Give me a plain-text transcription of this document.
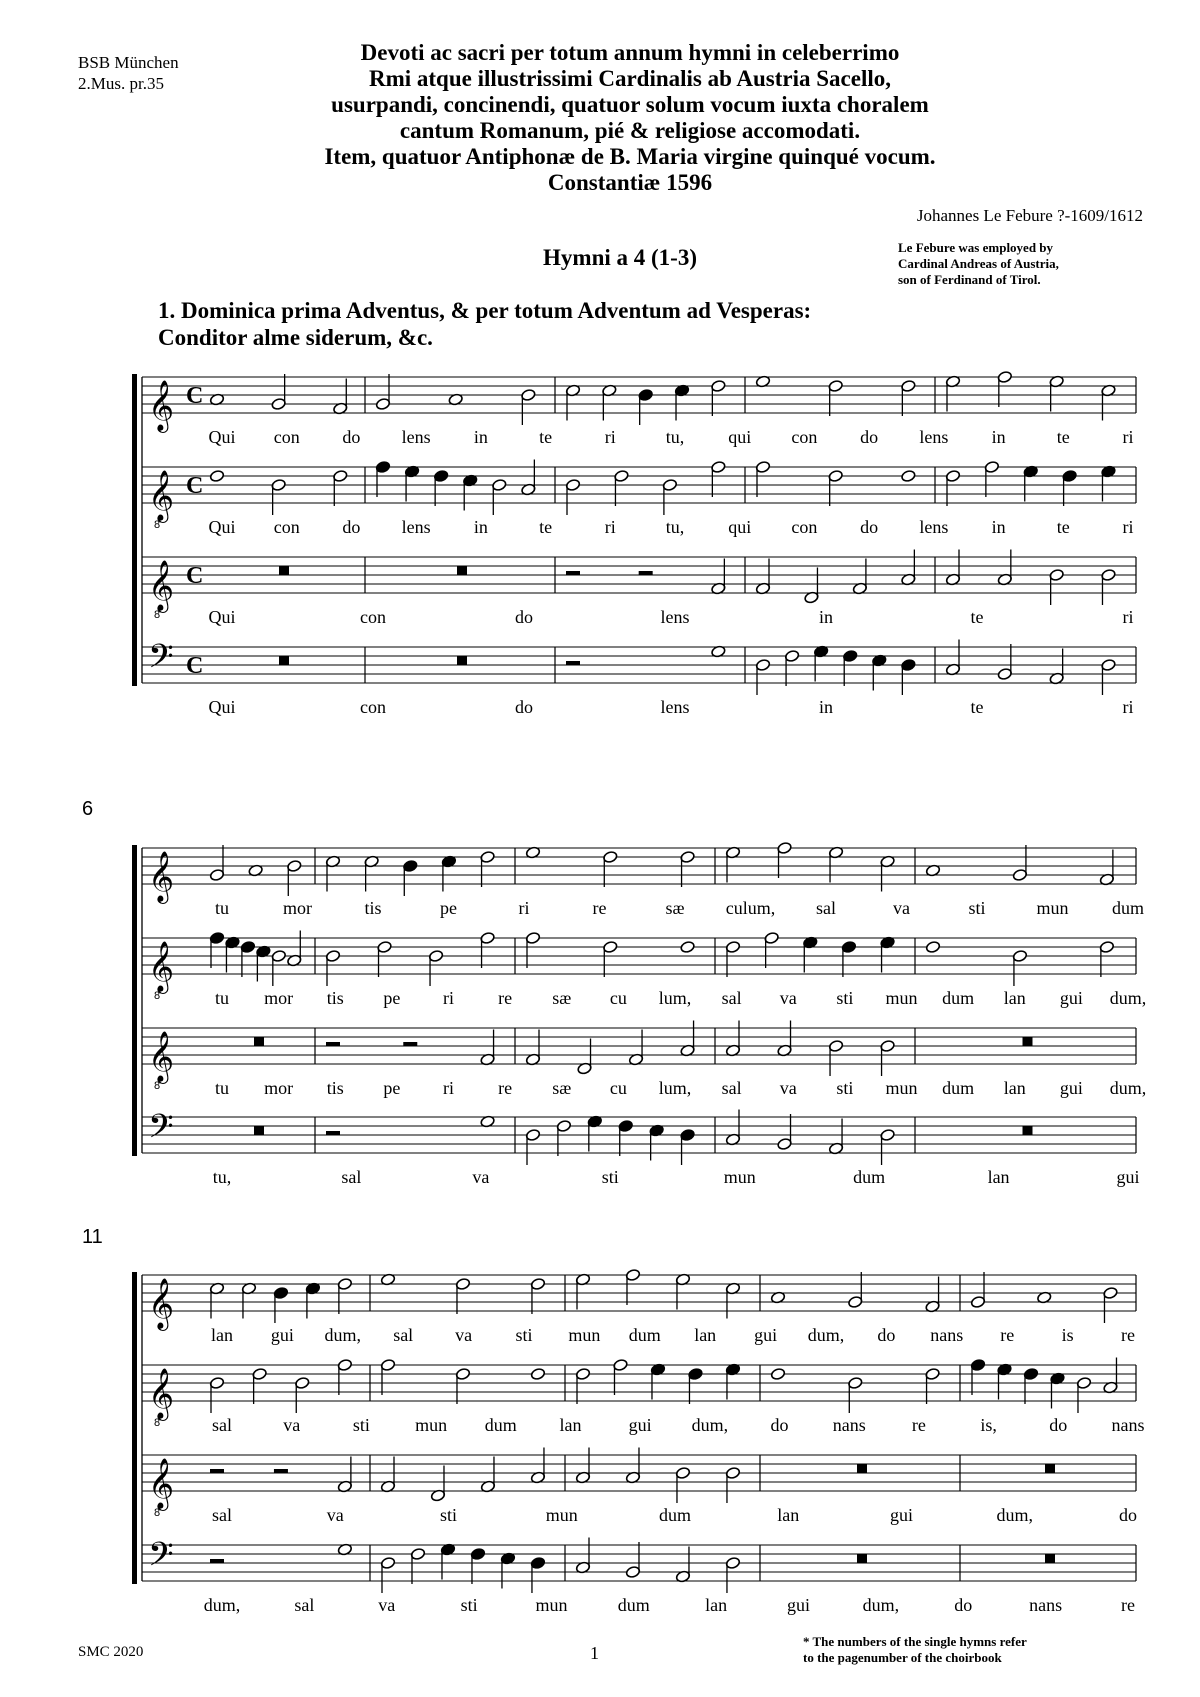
BSB München
2.Mus. pr.35
Devoti ac sacri per totum annum hymni in celeberrimo
Rmi atque illustrissimi Cardinalis ab Austria Sacello,
usurpandi, concinendi, quatuor solum vocum iuxta choralem
cantum Romanum, pié & religiose accomodati.
Item, quatuor Antiphonæ de B. Maria virgine quinqué vocum.
Constantiæ 1596
Johannes Le Febure ?-1609/1612
Hymni a 4 (1-3)	Le Febure was employed by
Cardinal Andreas of Austria,
son of Ferdinand of Tirol.
1. Dominica prima Adventus, & per totum Adventum ad Vesperas:
Conditor alme siderum, &c.
𝄞 C
Qui con do lens in	te	ri	tu, qui con do lens in	te	ri
𝄞
8
C
Qui con do lens in	te	ri	tu, qui con do lens in	te	ri
𝄞
8
C
Qui	con	do	lens	in	te	ri
𝄢 C
Qui	con	do	lens	in	te	ri
6
𝄞
tu	mor	tis	pe	ri	re	sæ culum, sal	va	sti	mun dum
𝄞
8	tu mor tis pe ri re sæ cu lum, sal va sti mun dum lan gui dum,
𝄞
8	tu mor tis pe ri re sæ cu lum, sal va sti mun dum lan gui dum,
𝄢
tu,	sal	va	sti	mun	dum	lan	gui
11
𝄞
lan gui dum, sal va sti mun dum lan gui dum, do nans re	is	re
𝄞
8	sal	va	sti	mun dum lan	gui dum, do nans	re	is,	do nans
𝄞
8	sal	va	sti	mun	dum	lan	gui	dum,	do
𝄢
dum,	sal	va	sti	mun	dum	lan	gui	dum,	do	nans	re
SMC 2020	1
* The numbers of the single hymns refer
to the pagenumber of the choirbook
